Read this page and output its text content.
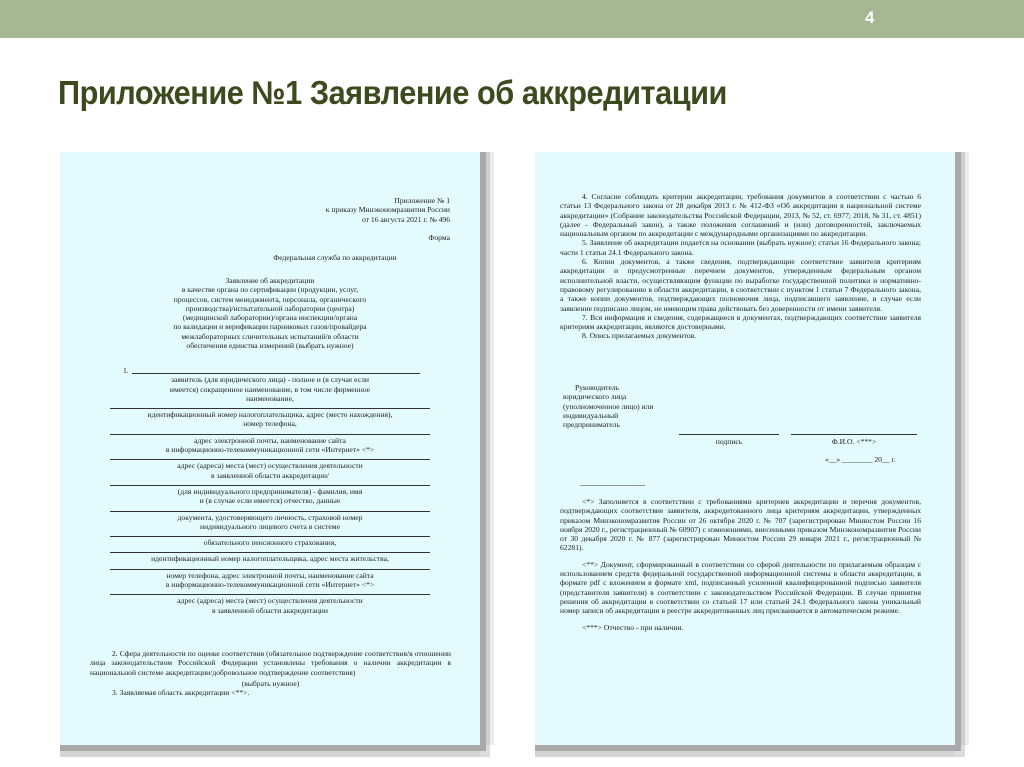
4
Приложение №1 Заявление об аккредитации
Приложение № 1
к приказу Минэкономразвития России
от 16 августа 2021 г. № 496
Форма
Федеральная служба по аккредитации
Заявление об аккредитации
в качестве органа по сертификации (продукции, услуг,
процессов, систем менеджмента, персонала, органического
производства)/испытательной лаборатории (центра)
(медицинской лаборатории)/органа инспекции/органа
по валидации и верификации парниковых газов/провайдера
межлабораторных сличительных испытаний/в области
обеспечения единства измерений (выбрать нужное)
1.
заявитель (для юридического лица) - полное и (в случае если
имеется) сокращенное наименование, в том числе фирменное
наименование,
идентификационный номер налогоплательщика, адрес (место нахождения),
номер телефона,
адрес электронной почты, наименование сайта
в информационно-телекоммуникационной сети «Интернет» <*>
адрес (адреса) места (мест) осуществления деятельности
в заявленной области аккредитации/
(для индивидуального предпринимателя) - фамилия, имя
и (в случае если имеется) отчество, данные
документа, удостоверяющего личность, страховой номер
индивидуального лицевого счета в системе
обязательного пенсионного страхования,
идентификационный номер налогоплательщика, адрес места жительства,
номер телефона, адрес электронной почты, наименование сайта
в информационно-телекоммуникационной сети «Интернет» <*>
адрес (адреса) места (мест) осуществления деятельности
в заявленной области аккредитации
2. Сфера деятельности по оценке соответствия (обязательное подтверждение соответствия/в отношении лица законодательством Российской Федерации установлены требования о наличии аккредитации в национальной системе аккредитации/добровольное подтверждение соответствия)
(выбрать нужное)
3. Заявляемая область аккредитации <**>.
4. Согласие соблюдать критерии аккредитации, требования документов в соответствии с частью 6 статьи 13 Федерального закона от 28 декабря 2013 г. № 412-ФЗ «Об аккредитации в национальной системе аккредитации» (Собрание законодательства Российской Федерации, 2013, № 52, ст. 6977; 2018, № 31, ст. 4851) (далее - Федеральный закон), а также положения соглашений и (или) договоренностей, заключаемых национальным органом по аккредитации с международными организациями по аккредитации.
5. Заявление об аккредитации подается на основании (выбрать нужное): статьи 16 Федерального закона; части 1 статьи 24.1 Федерального закона.
6. Копии документов, а также сведения, подтверждающие соответствие заявителя критериям аккредитации и предусмотренные перечнем документов, утвержденным федеральным органом исполнительной власти, осуществляющим функции по выработке государственной политики и нормативно-правовому регулированию в области аккредитации, в соответствии с пунктом 1 статьи 7 Федерального закона, а также копии документов, подтверждающих полномочия лица, подписавшего заявление, в случае если заявление подписано лицом, не имеющим права действовать без доверенности от имени заявителя.
7. Вся информация и сведения, содержащиеся в документах, подтверждающих соответствие заявителя критериям аккредитации, являются достоверными.
8. Опись прилагаемых документов.
Руководитель
юридического лица
(уполномоченное лицо) или
индивидуальный
предприниматель
подпись	Ф.И.О. <***>
«__» ________ 20__ г.
--------------------------------
<*> Заполняется в соответствии с требованиями критериев аккредитации и перечня документов, подтверждающих соответствие заявителя, аккредитованного лица критериям аккредитации, утвержденных приказом Минэкономразвития России от 26 октября 2020 г. № 707 (зарегистрирован Минюстом России 16 ноября 2020 г., регистрационный № 60907) с изменениями, внесенными приказом Минэкономразвития России от 30 декабря 2020 г. № 877 (зарегистрирован Минюстом России 29 января 2021 г., регистрационный № 62281).
<**> Документ, сформированный в соответствии со сферой деятельности по прилагаемым образцам с использованием средств федеральной государственной информационной системы в области аккредитации, в формате pdf с вложением в формате xml, подписанный усиленной квалифицированной подписью заявителя (представителя заявителя) в соответствии с законодательством Российской Федерации. В случае принятия решения об аккредитации в соответствии со статьей 17 или статьей 24.1 Федерального закона уникальный номер записи об аккредитации в реестре аккредитованных лиц присваивается в автоматическом режиме.
<***> Отчество - при наличии.
